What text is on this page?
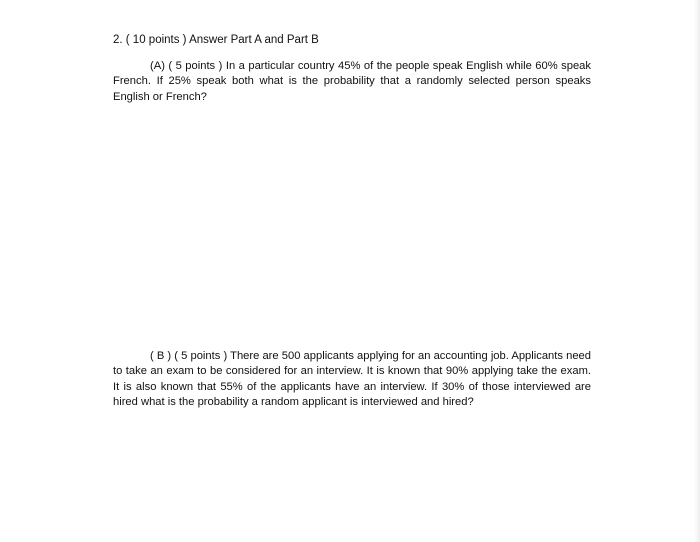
2. ( 10 points ) Answer Part A and Part B

(A) ( 5 points ) In a particular country 45% of the people speak English while 60% speak French. If 25% speak both what is the probability that a randomly selected person speaks English or French?

( B ) ( 5 points ) There are 500 applicants applying for an accounting job. Applicants need to take an exam to be considered for an interview. It is known that 90% applying take the exam. It is also known that 55% of the applicants have an interview. If 30% of those interviewed are hired what is the probability a random applicant is interviewed and hired?
